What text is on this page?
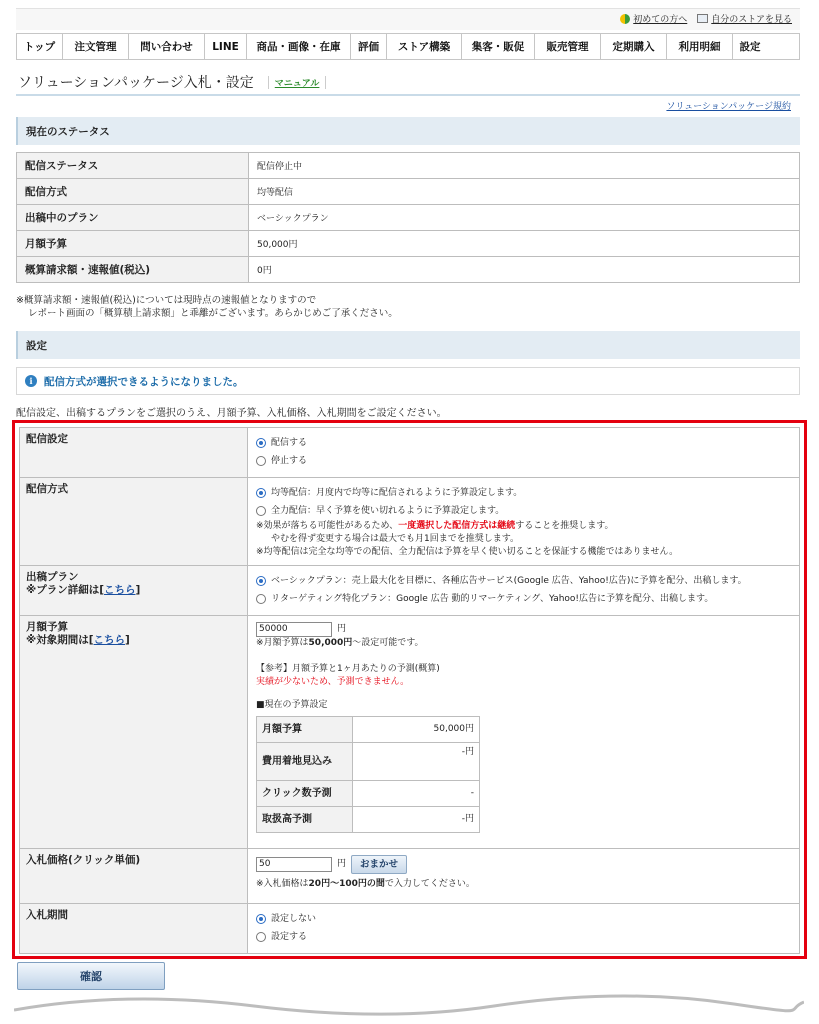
初めての方へ	自分のストアを見る
トップ	注文管理	問い合わせ	LINE	商品・画像・在庫	評価	ストア構築	集客・販促	販売管理	定期購入	利用明細	設定
ソリューションパッケージ入札・設定	マニュアル
ソリューションパッケージ規約
現在のステータス
配信ステータス	配信停止中
配信方式	均等配信
出稿中のプラン	ベーシックプラン
月額予算	50,000円
概算請求額・速報値(税込)	0円
※概算請求額・速報値(税込)については現時点の速報値となりますので
レポート画面の「概算積上請求額」と乖離がございます。あらかじめご了承ください。
設定
i	配信方式が選択できるようになりました。
配信設定、出稿するプランをご選択のうえ、月額予算、入札価格、入札期間をご設定ください。
配信設定	配信する
停止する

配信方式	均等配信：月度内で均等に配信されるように予算設定します。
全力配信：早く予算を使い切れるように予算設定します。
※効果が落ちる可能性があるため、一度選択した配信方式は継続することを推奨します。
やむを得ず変更する場合は最大でも月1回までを推奨します。
※均等配信は完全な均等での配信、全力配信は予算を早く使い切ることを保証する機能ではありません。

出稿プラン
※プラン詳細は[こちら]

ベーシックプラン：売上最大化を目標に、各種広告サービス(Google 広告、Yahoo!広告)に予算を配分、出稿します。
リターゲティング特化プラン：Google 広告 動的リマーケティング、Yahoo!広告に予算を配分、出稿します。

月額予算
※対象期間は[こちら]

50000	円
※月額予算は50,000円～設定可能です。
【参考】月額予算と1ヶ月あたりの予測(概算)
実績が少ないため、予測できません。
■現在の予算設定
月額予算	50,000円
費用着地見込み	-円
クリック数予測	-
取扱高予測	-円

入札価格(クリック単価)	50	円	おまかせ
※入札価格は20円～100円の間で入力してください。

入札期間	設定しない
設定する
確認
